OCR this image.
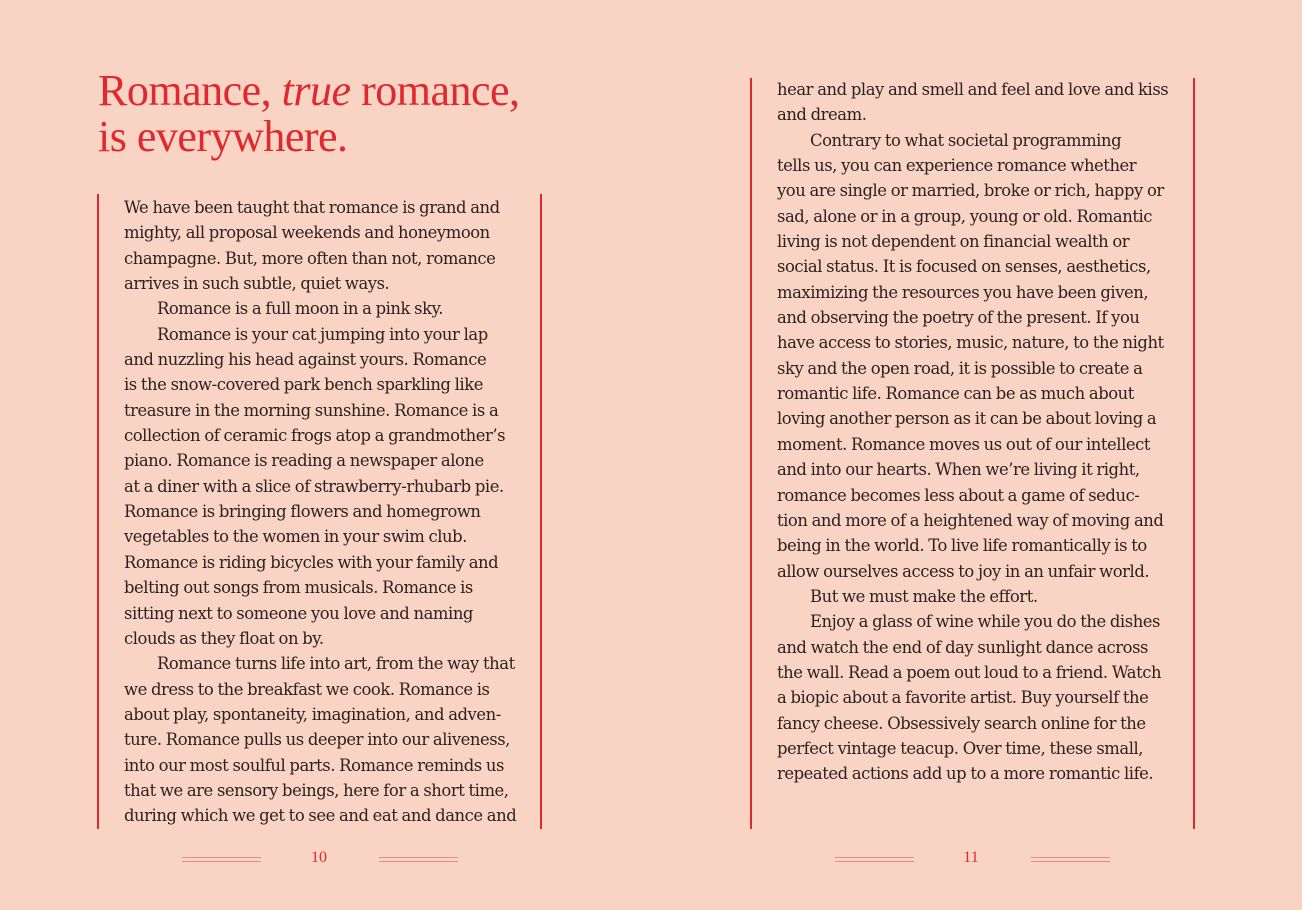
Romance, true romance,
is everywhere.
We have been taught that romance is grand and
mighty, all proposal weekends and honeymoon
champagne. But, more often than not, romance
arrives in such subtle, quiet ways.
Romance is a full moon in a pink sky.
Romance is your cat jumping into your lap
and nuzzling his head against yours. Romance
is the snow-covered park bench sparkling like
treasure in the morning sunshine. Romance is a
collection of ceramic frogs atop a grandmother’s
piano. Romance is reading a newspaper alone
at a diner with a slice of strawberry-rhubarb pie.
Romance is bringing flowers and homegrown
vegetables to the women in your swim club.
Romance is riding bicycles with your family and
belting out songs from musicals. Romance is
sitting next to someone you love and naming
clouds as they float on by.
Romance turns life into art, from the way that
we dress to the breakfast we cook. Romance is
about play, spontaneity, imagination, and adven-
ture. Romance pulls us deeper into our aliveness,
into our most soulful parts. Romance reminds us
that we are sensory beings, here for a short time,
during which we get to see and eat and dance and
hear and play and smell and feel and love and kiss
and dream.
Contrary to what societal programming
tells us, you can experience romance whether
you are single or married, broke or rich, happy or
sad, alone or in a group, young or old. Romantic
living is not dependent on financial wealth or
social status. It is focused on senses, aesthetics,
maximizing the resources you have been given,
and observing the poetry of the present. If you
have access to stories, music, nature, to the night
sky and the open road, it is possible to create a
romantic life. Romance can be as much about
loving another person as it can be about loving a
moment. Romance moves us out of our intellect
and into our hearts. When we’re living it right,
romance becomes less about a game of seduc-
tion and more of a heightened way of moving and
being in the world. To live life romantically is to
allow ourselves access to joy in an unfair world.
But we must make the effort.
Enjoy a glass of wine while you do the dishes
and watch the end of day sunlight dance across
the wall. Read a poem out loud to a friend. Watch
a biopic about a favorite artist. Buy yourself the
fancy cheese. Obsessively search online for the
perfect vintage teacup. Over time, these small,
repeated actions add up to a more romantic life.
10	11
